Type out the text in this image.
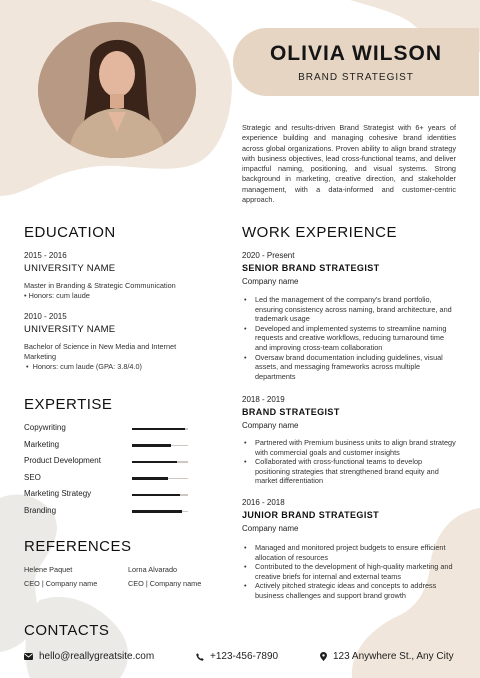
OLIVIA WILSON
BRAND STRATEGIST
Strategic and results-driven Brand Strategist with 6+ years of experience building and managing cohesive brand identities across global organizations. Proven ability to align brand strategy with business objectives, lead cross-functional teams, and deliver impactful naming, positioning, and visual systems. Strong background in marketing, creative direction, and stakeholder management, with a data-informed and customer-centric approach.
EDUCATION
2015 - 2016
UNIVERSITY NAME
Master in Branding & Strategic Communication
• Honors: cum laude
2010 - 2015
UNIVERSITY NAME
Bachelor of Science in New Media and Internet Marketing
•  Honors: cum laude (GPA: 3.8/4.0)
EXPERTISE
Copywriting
Marketing
Product Development
SEO
Marketing Strategy
Branding
REFERENCES
Helene Paquet
CEO | Company name
Lorna Alvarado
CEO | Company name
CONTACTS
hello@reallygreatsite.com	+123-456-7890	123 Anywhere St., Any City
WORK EXPERIENCE
2020 - Present
SENIOR BRAND STRATEGIST
Company name
• Led the management of the company's brand portfolio, ensuring consistency across naming, brand architecture, and trademark usage
• Developed and implemented systems to streamline naming requests and creative workflows, reducing turnaround time and improving cross-team collaboration
• Oversaw brand documentation including guidelines, visual assets, and messaging frameworks across multiple departments
2018 - 2019
BRAND STRATEGIST
Company name
• Partnered with Premium business units to align brand strategy with commercial goals and customer insights
• Collaborated with cross-functional teams to develop positioning strategies that strengthened brand equity and market differentiation
2016 - 2018
JUNIOR BRAND STRATEGIST
Company name
• Managed and monitored project budgets to ensure efficient allocation of resources
• Contributed to the development of high-quality marketing and creative briefs for internal and external teams
• Actively pitched strategic ideas and concepts to address business challenges and support brand growth
